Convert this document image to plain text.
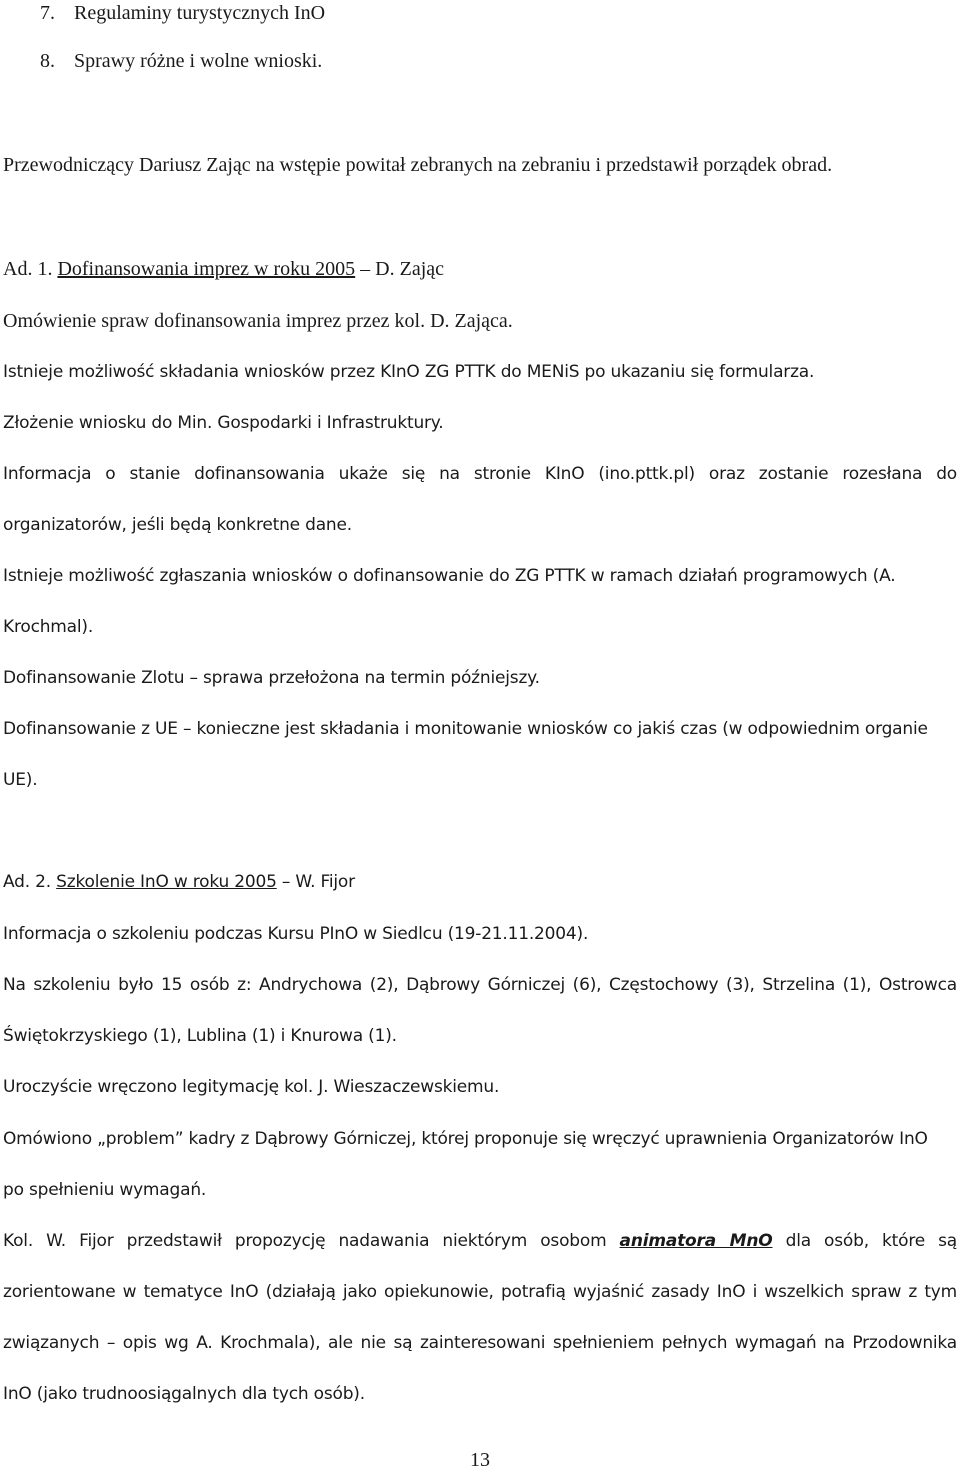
7. Regulaminy turystycznych InO
8. Sprawy różne i wolne wnioski.
Przewodniczący Dariusz Zając na wstępie powitał zebranych na zebraniu i przedstawił porządek obrad.
Ad. 1. Dofinansowania imprez w roku 2005 – D. Zając
Omówienie spraw dofinansowania imprez przez kol. D. Zająca.
Istnieje możliwość składania wniosków przez KInO ZG PTTK do MENiS po ukazaniu się formularza.
Złożenie wniosku do Min. Gospodarki i Infrastruktury.
Informacja o stanie dofinansowania ukaże się na stronie KInO (ino.pttk.pl) oraz zostanie rozesłana do
organizatorów, jeśli będą konkretne dane.
Istnieje możliwość zgłaszania wniosków o dofinansowanie do ZG PTTK w ramach działań programowych (A.
Krochmal).
Dofinansowanie Zlotu – sprawa przełożona na termin późniejszy.
Dofinansowanie z UE – konieczne jest składania i monitowanie wniosków co jakiś czas (w odpowiednim organie
UE).
Ad. 2. Szkolenie InO w roku 2005 – W. Fijor
Informacja o szkoleniu podczas Kursu PInO w Siedlcu (19-21.11.2004).
Na szkoleniu było 15 osób z: Andrychowa (2), Dąbrowy Górniczej (6), Częstochowy (3), Strzelina (1), Ostrowca
Świętokrzyskiego (1), Lublina (1) i Knurowa (1).
Uroczyście wręczono legitymację kol. J. Wieszaczewskiemu.
Omówiono „problem” kadry z Dąbrowy Górniczej, której proponuje się wręczyć uprawnienia Organizatorów InO
po spełnieniu wymagań.
Kol. W. Fijor przedstawił propozycję nadawania niektórym osobom animatora MnO dla osób, które są
zorientowane w tematyce InO (działają jako opiekunowie, potrafią wyjaśnić zasady InO i wszelkich spraw z tym
związanych – opis wg A. Krochmala), ale nie są zainteresowani spełnieniem pełnych wymagań na Przodownika
InO (jako trudnoosiągalnych dla tych osób).
13
